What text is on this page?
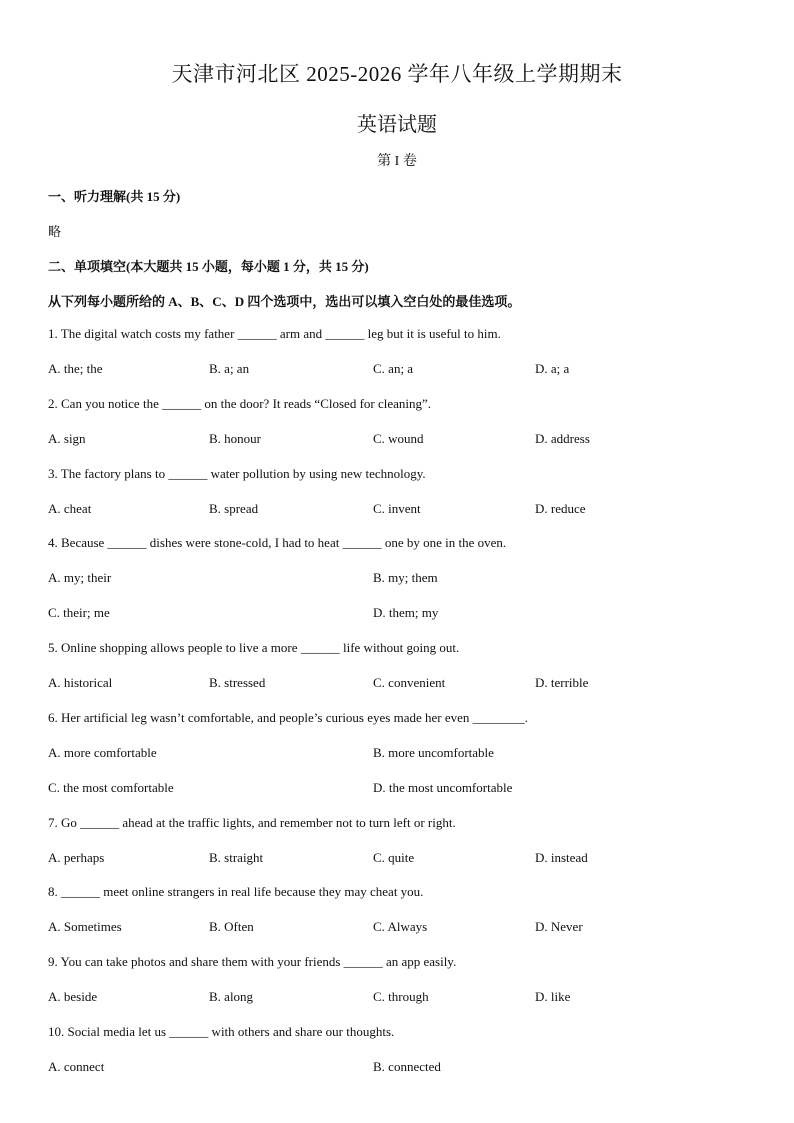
天津市河北区 2025-2026 学年八年级上学期期末
英语试题
第 I 卷
一、听力理解(共 15 分)
略
二、单项填空(本大题共 15 小题，每小题 1 分，共 15 分)
从下列每小题所给的 A、B、C、D 四个选项中，选出可以填入空白处的最佳选项。
1. The digital watch costs my father ______ arm and ______ leg but it is useful to him.
A. the; the	B. a; an	C. an; a	D. a; a
2. Can you notice the ______ on the door? It reads “Closed for cleaning”.
A. sign	B. honour	C. wound	D. address
3. The factory plans to ______ water pollution by using new technology.
A. cheat	B. spread	C. invent	D. reduce
4. Because ______ dishes were stone-cold, I had to heat ______ one by one in the oven.
A. my; their	B. my; them
C. their; me	D. them; my
5. Online shopping allows people to live a more ______ life without going out.
A. historical	B. stressed	C. convenient	D. terrible
6. Her artificial leg wasn’t comfortable, and people’s curious eyes made her even ________.
A. more comfortable	B. more uncomfortable
C. the most comfortable	D. the most uncomfortable
7. Go ______ ahead at the traffic lights, and remember not to turn left or right.
A. perhaps	B. straight	C. quite	D. instead
8. ______ meet online strangers in real life because they may cheat you.
A. Sometimes	B. Often	C. Always	D. Never
9. You can take photos and share them with your friends ______ an app easily.
A. beside	B. along	C. through	D. like
10. Social media let us ______ with others and share our thoughts.
A. connect	B. connected
